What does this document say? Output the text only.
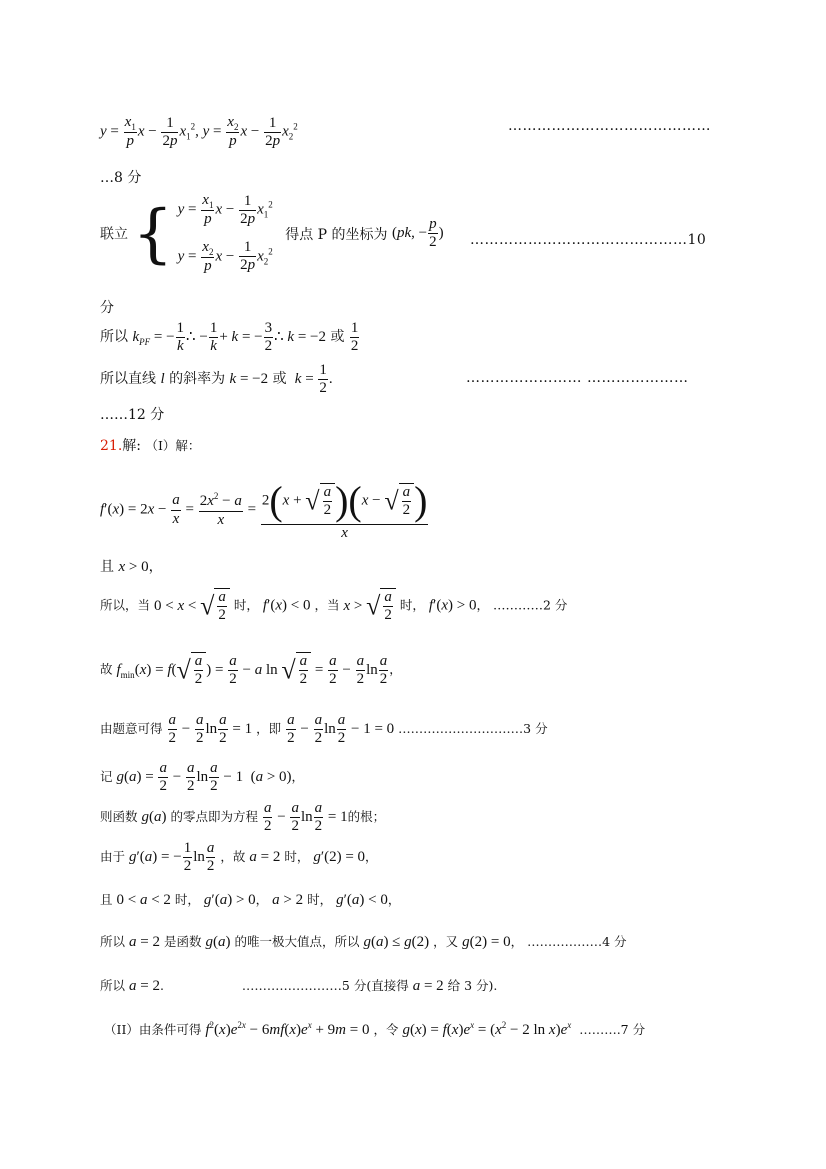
$y = \frac{x_1}{p}$ $x - \frac{1}{2p} x_1^2$, $y = \frac{x_2}{p}$ $x - \frac{1}{2p} x_2^2$	……………………………………
…8 分
联立 { $y = \frac{x_1}{p}$ $x - \frac{1}{2p} x_1^2$
$y = \frac{x_2}{p}$ $x - \frac{1}{2p} x_2^2$
得点 P 的坐标为 (pk, − $\frac{p}{2}$ ) ………………………………………10
分
所以 $k_{PF}$ = − $\frac{1}{k}$ ∴ − $\frac{1}{k} + k$ = − $\frac{3}{2}$ ∴ k = −2 或 $\frac{1}{2}$
所以直线 l 的斜率为 k = −2 或 $k = \frac{1}{2}$ .	…………………… …………………
……12 分
21.解: （Ⅰ）解：
$f'(x) = 2x - \frac{a}{x} = \frac{2x^2 - a}{x} = \frac{2(x + √ \frac{a}{2} )(x - √ \frac{a}{2} )}{x}$
且 x > 0，
所以，当 0 < x < √ $\frac{a}{2}$ 时， f′(x) < 0 ，当 x > √ $\frac{a}{2}$ 时， f′(x) > 0， …………2 分
故 $f_{min}(x) = f(√ \frac{a}{2}$ ) = $\frac{a}{2} - a$ ln √ $\frac{a}{2} = \frac{a}{2} - \frac{a}{2}$ $\ln \frac{a}{2}$ ，
由题意可得 $\frac{a}{2} - \frac{a}{2}$ $\ln \frac{a}{2} = 1$ ，即 $\frac{a}{2} - \frac{a}{2}$ $\ln \frac{a}{2} - 1 = 0$ …………………………3 分
记 $g(a) = \frac{a}{2} - \frac{a}{2}$ $\ln \frac{a}{2} - 1$  (a > 0)，
则函数 g(a) 的零点即为方程 $\frac{a}{2} - \frac{a}{2}$ $\ln \frac{a}{2} = 1$的根；
由于 g′(a) = − $\frac{1}{2}$ $\ln \frac{a}{2}$ ，故 a = 2 时， g′(2) = 0，
且 0 < a < 2 时， g′(a) > 0， a > 2 时， g′(a) < 0，
所以 a = 2 是函数 g(a) 的唯一极大值点，所以 g(a) ≤ g(2) ，又 g(2) = 0， ………………4 分
所以 a = 2.	……………………5 分(直接得 a = 2 给 3 分).
（II）由条件可得 $f^2(x)e^{2x} - 6mf(x)e^x + 9m = 0$ ，令 $g(x) = f(x)e^x = (x^2 - 2$ $\ln x)e^x$ ……….7 分
